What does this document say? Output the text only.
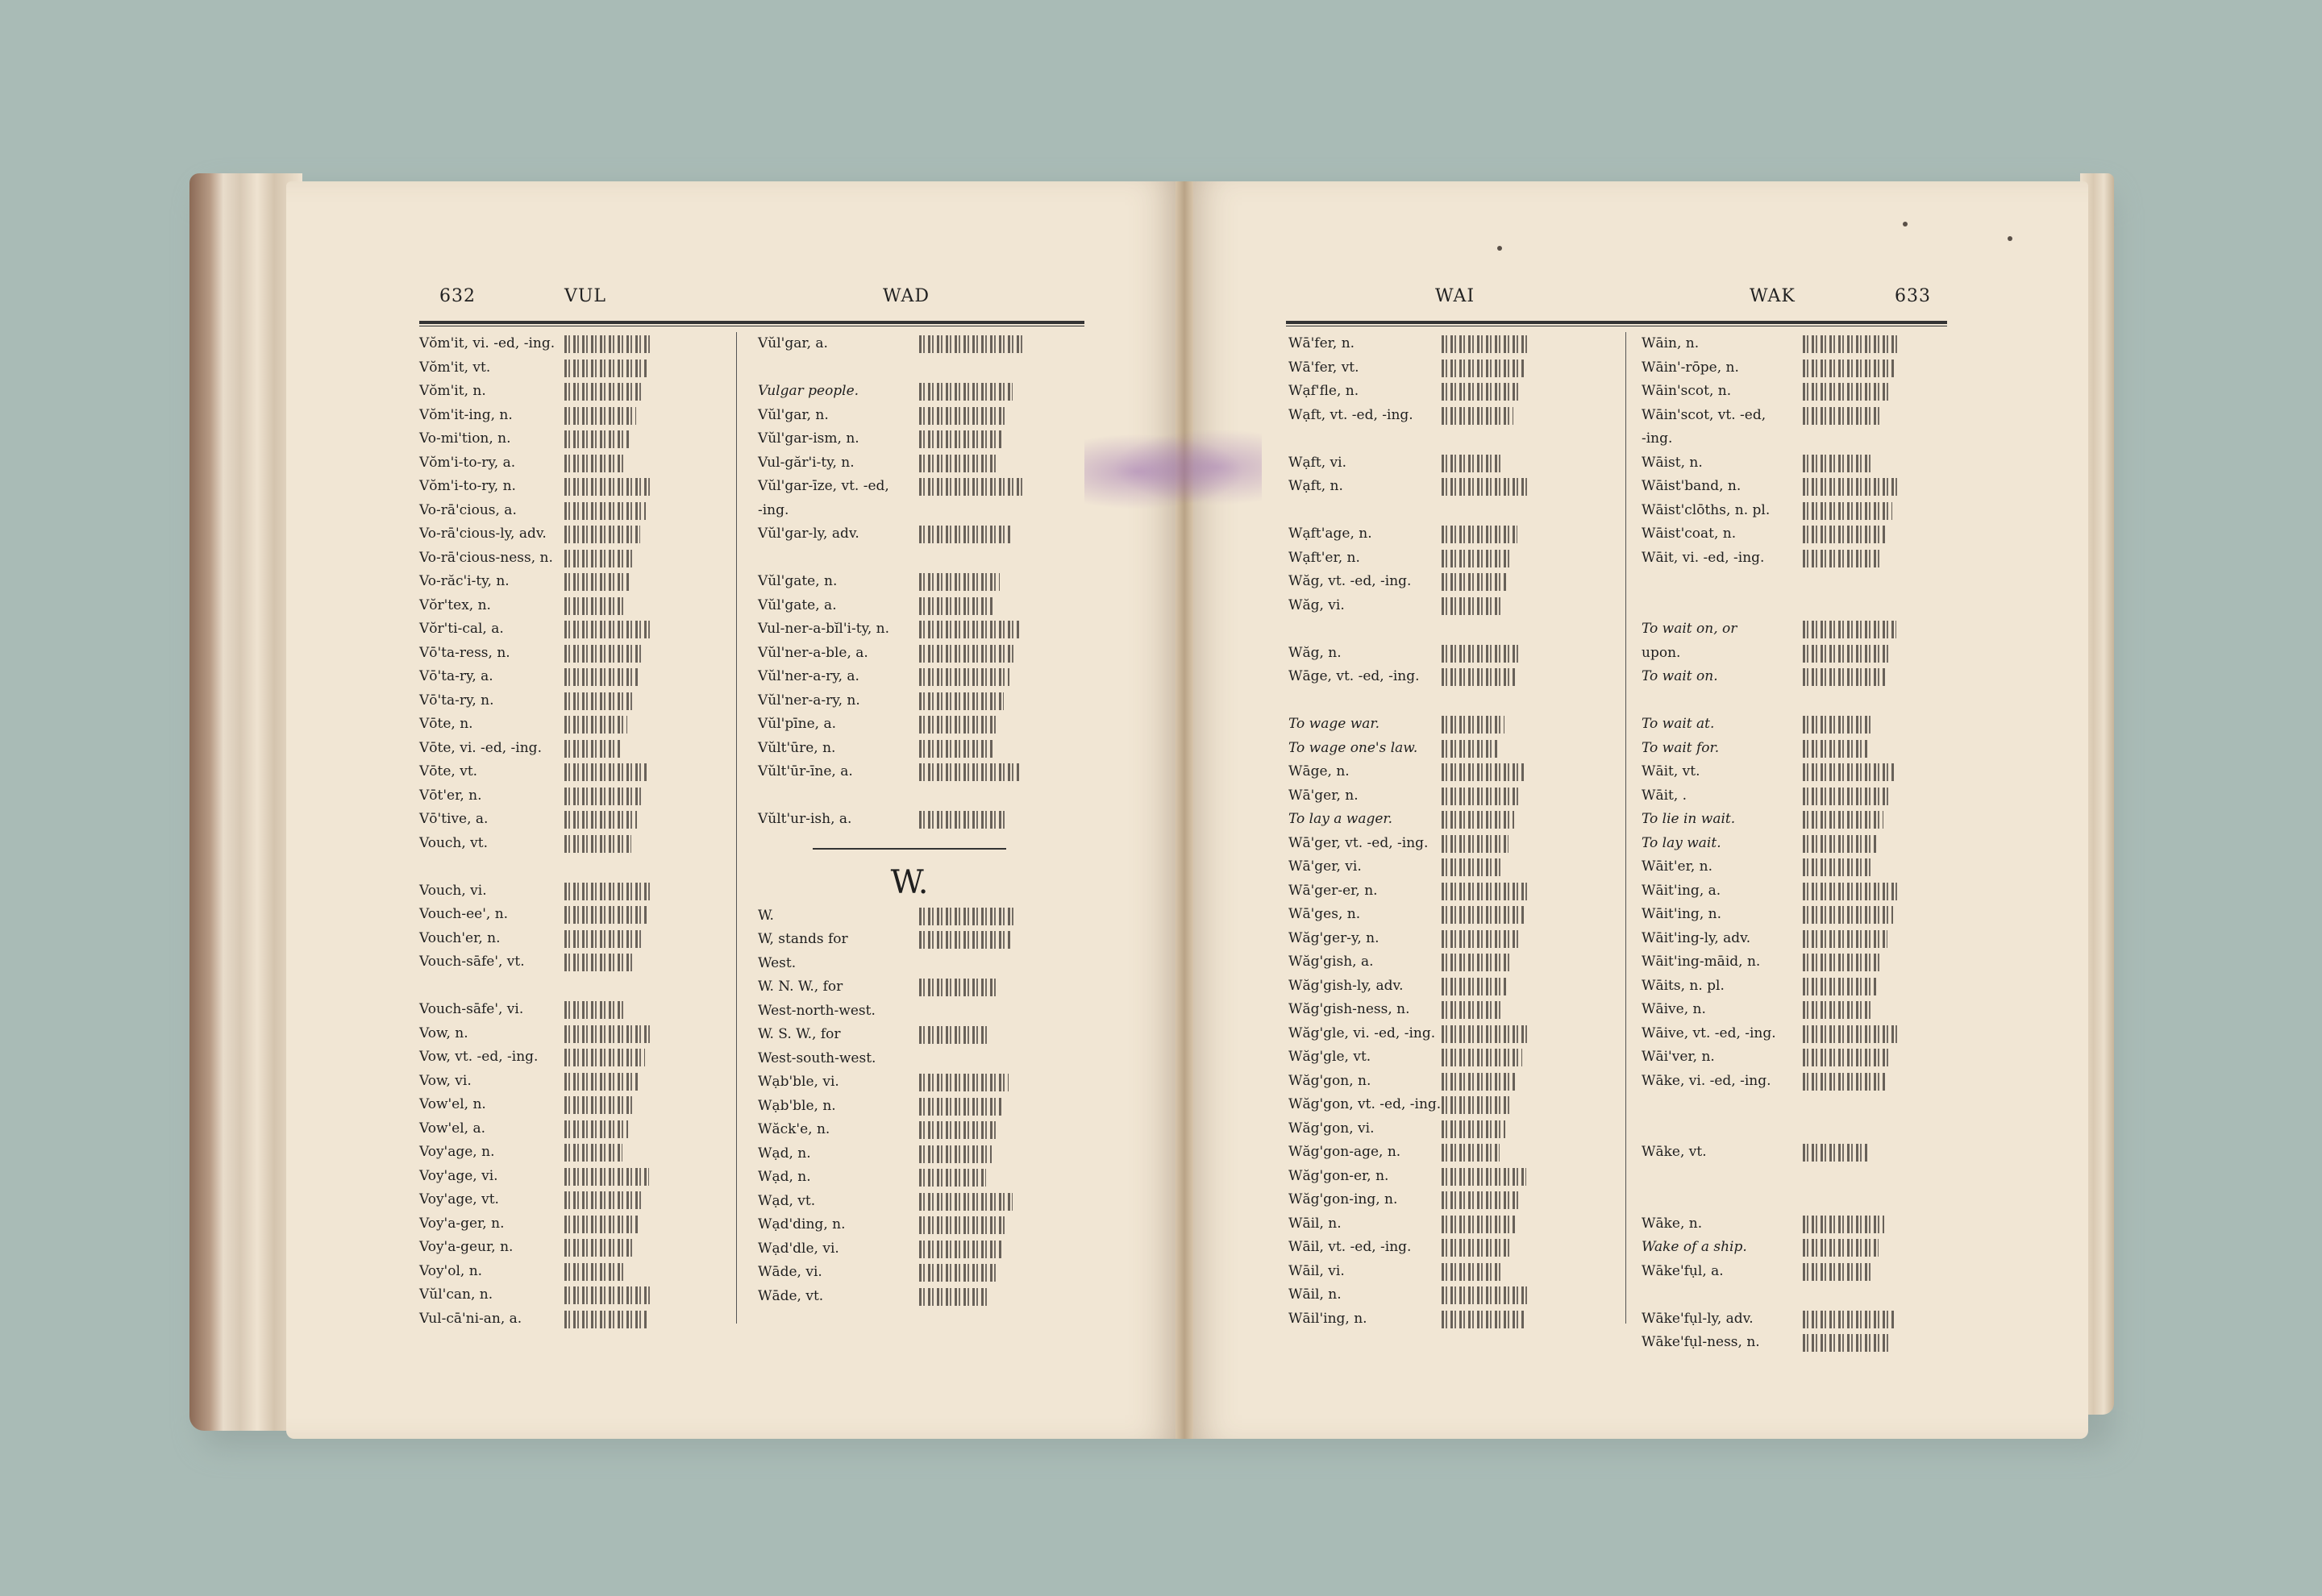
632	VUL	WAD	WAI	WAK	633
Vŏm'it, vi. -ed, -ing.
Vŏm'it, vt.
Vŏm'it, n.
Vŏm'it-ing, n.
Vo-mi'tion, n.
Vŏm'i-to-ry, a.
Vŏm'i-to-ry, n.
Vo-rā'cious, a.
Vo-rā'cious-ly, adv.
Vo-rā'cious-ness, n.
Vo-răc'i-ty, n.
Vŏr'tex, n.
Vŏr'ti-cal, a.
Vō'ta-ress, n.
Vō'ta-ry, a.
Vō'ta-ry, n.
Vōte, n.
Vōte, vi. -ed, -ing.
Vōte, vt.
Vōt'er, n.
Vō'tive, a.
Vouch, vt.
Vouch, vi.
Vouch-ee', n.
Vouch'er, n.
Vouch-sāfe', vt.
Vouch-sāfe', vi.
Vow, n.
Vow, vt. -ed, -ing.
Vow, vi.
Vow'el, n.
Vow'el, a.
Voy'age, n.
Voy'age, vi.
Voy'age, vt.
Voy'a-ger, n.
Voy'a-geur, n.
Voy'ol, n.
Vŭl'can, n.
Vul-cā'ni-an, a.
Vŭl'gar, a.
Vulgar people.
Vŭl'gar, n.
Vŭl'gar-ism, n.
Vul-găr'i-ty, n.
Vŭl'gar-īze, vt. -ed,
-ing.
Vŭl'gar-ly, adv.
Vŭl'gate, n.
Vŭl'gate, a.
Vul-ner-a-bĭl'i-ty, n.
Vŭl'ner-a-ble, a.
Vŭl'ner-a-ry, a.
Vŭl'ner-a-ry, n.
Vŭl'pīne, a.
Vŭlt'ūre, n.
Vŭlt'ūr-īne, a.
Vŭlt'ur-ish, a.
W.
W.
W, stands for
West.
W. N. W., for
West-north-west.
W. S. W., for
West-south-west.
Wạb'ble, vi.
Wạb'ble, n.
Wăck'e, n.
Wạd, n.
Wạd, n.
Wạd, vt.
Wạd'ding, n.
Wạd'dle, vi.
Wāde, vi.
Wāde, vt.
Wā'fer, n.
Wā'fer, vt.
Wạf'fle, n.
Wạft, vt. -ed, -ing.
Wạft, vi.
Wạft, n.
Wạft'age, n.
Wạft'er, n.
Wăg, vt. -ed, -ing.
Wăg, vi.
Wăg, n.
Wāge, vt. -ed, -ing.
To wage war.
To wage one's law.
Wāge, n.
Wā'ger, n.
To lay a wager.
Wā'ger, vt. -ed, -ing.
Wā'ger, vi.
Wā'ger-er, n.
Wā'ges, n.
Wăg'ger-y, n.
Wăg'gish, a.
Wăg'gish-ly, adv.
Wăg'gish-ness, n.
Wăg'gle, vi. -ed, -ing.
Wăg'gle, vt.
Wăg'gon, n.
Wăg'gon, vt. -ed, -ing.
Wăg'gon, vi.
Wăg'gon-age, n.
Wăg'gon-er, n.
Wăg'gon-ing, n.
Wāil, n.
Wāil, vt. -ed, -ing.
Wāil, vi.
Wāil, n.
Wāil'ing, n.
Wāin, n.
Wāin'-rōpe, n.
Wāin'scot, n.
Wāin'scot, vt. -ed,
-ing.
Wāist, n.
Wāist'band, n.
Wāist'clōths, n. pl.
Wāist'coat, n.
Wāit, vi. -ed, -ing.
To wait on, or
upon.
To wait on.
To wait at.
To wait for.
Wāit, vt.
Wāit, .
To lie in wait.
To lay wait.
Wāit'er, n.
Wāit'ing, a.
Wāit'ing, n.
Wāit'ing-ly, adv.
Wāit'ing-māid, n.
Wāits, n. pl.
Wāive, n.
Wāive, vt. -ed, -ing.
Wāi'ver, n.
Wāke, vi. -ed, -ing.
Wāke, vt.
Wāke, n.
Wake of a ship.
Wāke'fụl, a.
Wāke'fụl-ly, adv.
Wāke'fụl-ness, n.
